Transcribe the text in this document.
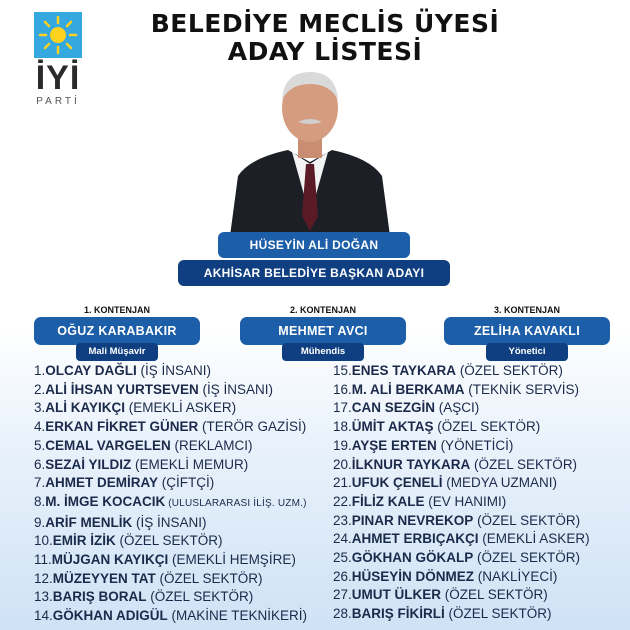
İYİ
PARTİ
BELEDİYE MECLİS ÜYESİ
ADAY LİSTESİ
HÜSEYİN ALİ DOĞAN
AKHİSAR BELEDİYE BAŞKAN ADAYI
1. KONTENJAN
OĞUZ KARABAKIR
Mali Müşavir
2. KONTENJAN
MEHMET AVCI
Mühendis
3. KONTENJAN
ZELİHA KAVAKLI
Yönetici
1.OLCAY DAĞLI (İŞ İNSANI)
2.ALİ İHSAN YURTSEVEN (İŞ İNSANI)
3.ALİ KAYIKÇI (EMEKLİ ASKER)
4.ERKAN FİKRET GÜNER (TERÖR GAZİSİ)
5.CEMAL VARGELEN (REKLAMCI)
6.SEZAİ YILDIZ (EMEKLİ MEMUR)
7.AHMET DEMİRAY (ÇİFTÇİ)
8.M. İMGE KOCACIK (ULUSLARARASI İLİŞ. UZM.)
9.ARİF MENLİK (İŞ İNSANI)
10.EMİR İZİK (ÖZEL SEKTÖR)
11.MÜJGAN KAYIKÇI (EMEKLİ HEMŞİRE)
12.MÜZEYYEN TAT (ÖZEL SEKTÖR)
13.BARIŞ BORAL (ÖZEL SEKTÖR)
14.GÖKHAN ADIGÜL (MAKİNE TEKNİKERİ)
15.ENES TAYKARA (ÖZEL SEKTÖR)
16.M. ALİ BERKAMA (TEKNİK SERVİS)
17.CAN SEZGİN (AŞCI)
18.ÜMİT AKTAŞ (ÖZEL SEKTÖR)
19.AYŞE ERTEN (YÖNETİCİ)
20.İLKNUR TAYKARA (ÖZEL SEKTÖR)
21.UFUK ÇENELİ (MEDYA UZMANI)
22.FİLİZ KALE (EV HANIMI)
23.PINAR NEVREKOP (ÖZEL SEKTÖR)
24.AHMET ERBIÇAKÇI (EMEKLİ ASKER)
25.GÖKHAN GÖKALP (ÖZEL SEKTÖR)
26.HÜSEYİN DÖNMEZ (NAKLİYECİ)
27.UMUT ÜLKER (ÖZEL SEKTÖR)
28.BARIŞ FİKİRLİ (ÖZEL SEKTÖR)
